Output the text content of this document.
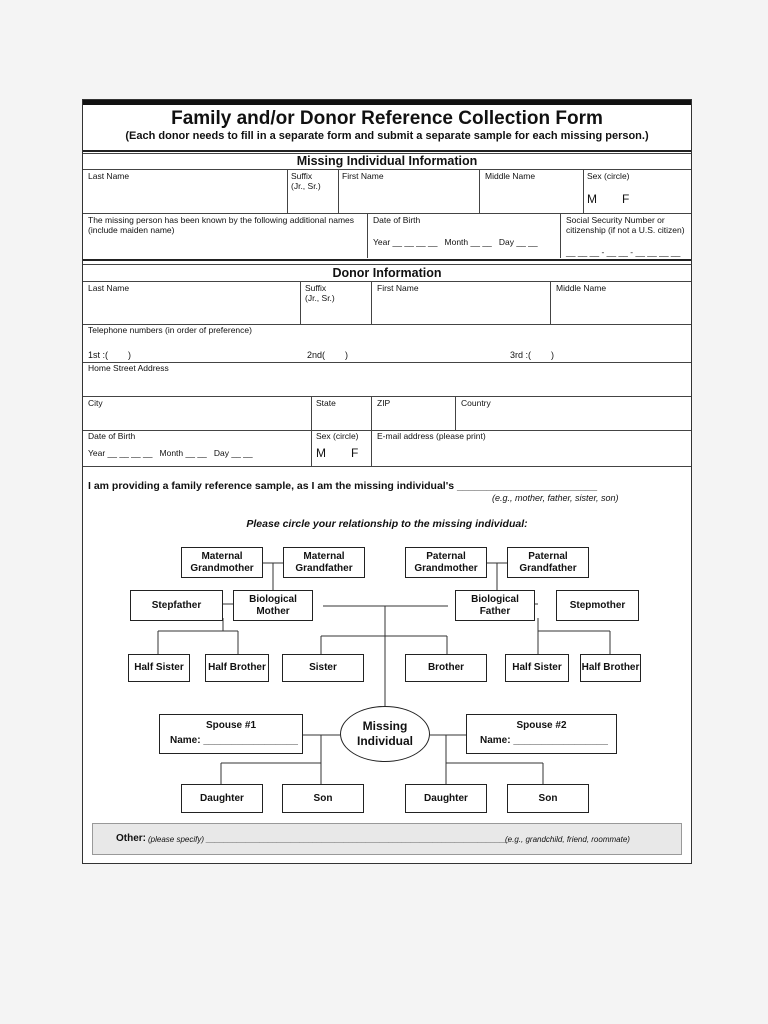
Family and/or Donor Reference Collection Form
(Each donor needs to fill in a separate form and submit a separate sample for each missing person.)
Missing Individual Information
Last Name	Suffix
(Jr., Sr.)
First Name	Middle Name	Sex (circle)
M F
The missing person has been known by the following additional names (include maiden name)
Date of Birth
Year __ __ __ __   Month __ __   Day __ __
Social Security Number or citizenship (if not a U.S. citizen)
__ __ __ - __ __ - __ __ __ __
Donor Information
Last Name	Suffix
(Jr., Sr.)
First Name	Middle Name
Telephone numbers (in order of preference)
1st :(        )	2nd(        )	3rd :(        )
Home Street Address
City	State	ZIP	Country
Date of Birth
Year __ __ __ __   Month __ __   Day __ __
Sex (circle)
M F
E-mail address (please print)
I am providing a family reference sample, as I am the missing individual's ________________________
(e.g., mother, father, sister, son)
Please circle your relationship to the missing individual:
Maternal
Grandmother
Maternal
Grandfather
Paternal
Grandmother
Paternal
Grandfather
Stepfather
Biological
Mother
Biological
Father
Stepmother
Half Sister	Half Brother	Sister	Brother	Half Sister	Half Brother
Spouse #1
Name: _________________
Missing
Individual
Spouse #2
Name: _________________
Daughter	Son	Daughter	Son
Other: (please specify) ____________________________________________________________________
(e.g., grandchild, friend, roommate)
